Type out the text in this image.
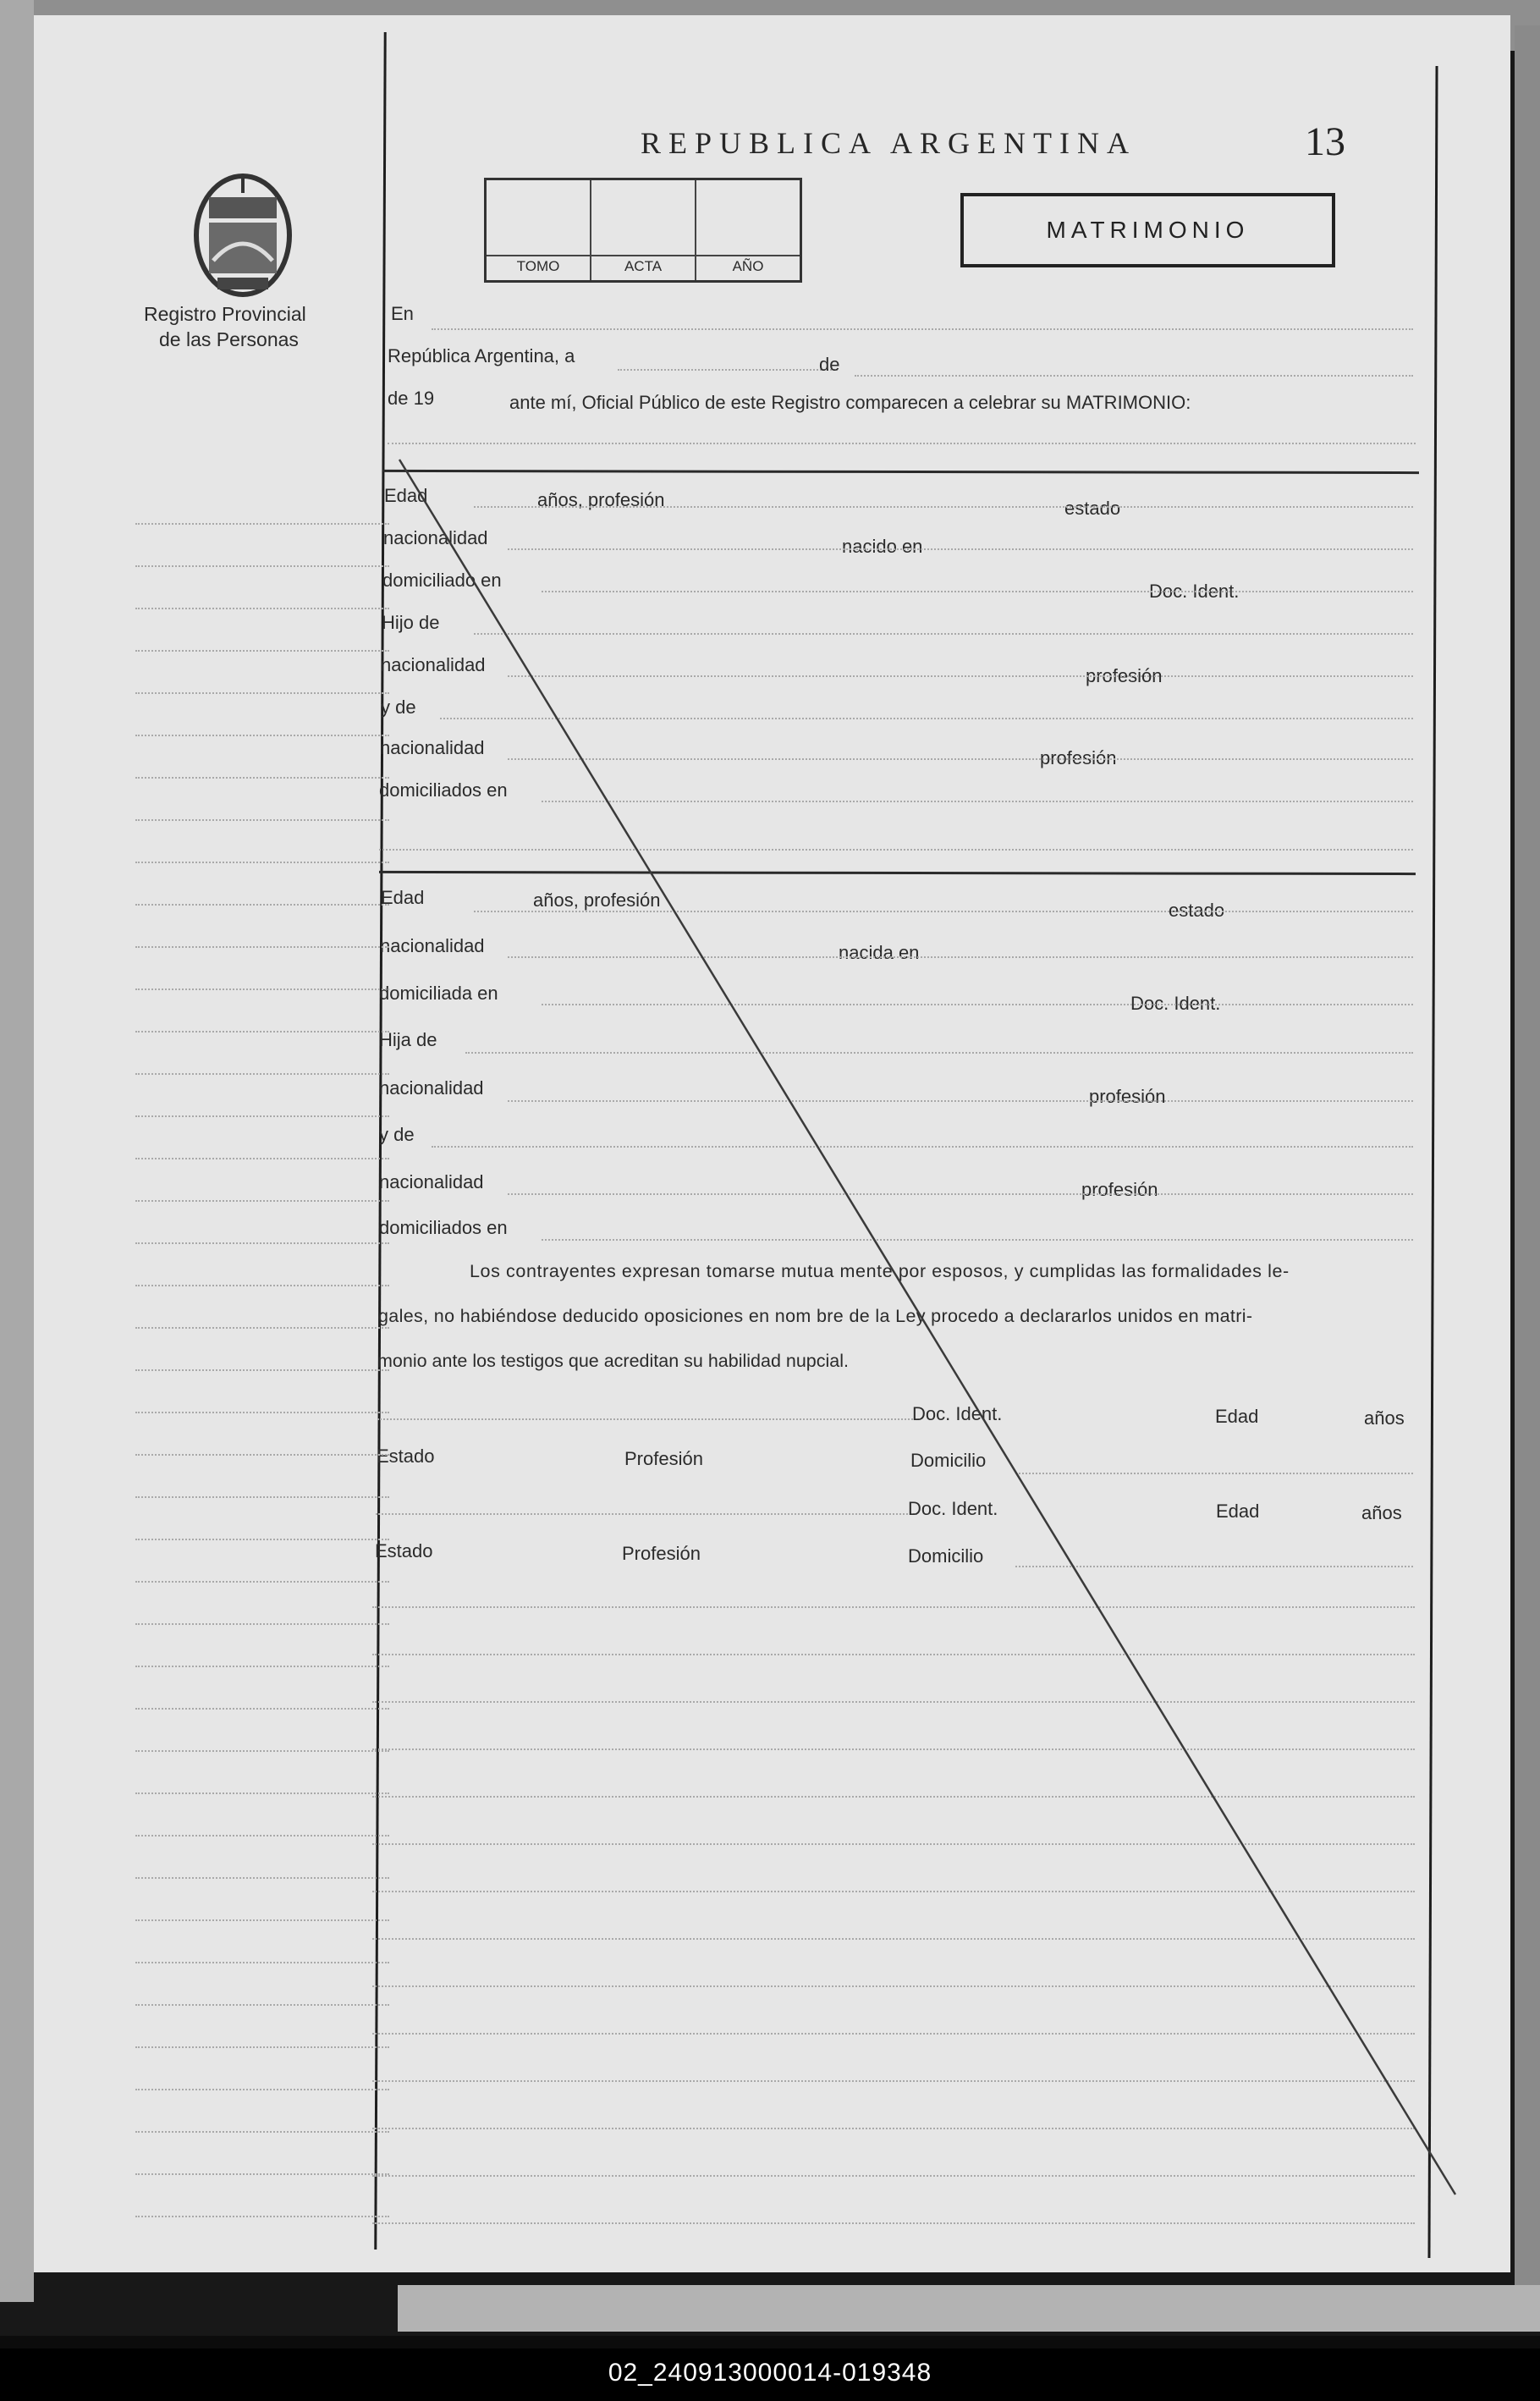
Registro Provincial
de las Personas
REPUBLICA ARGENTINA	13
TOMO	ACTA	AÑO
MATRIMONIO
En
República Argentina, a	de
de 19	ante mí, Oficial Público de este Registro comparecen a celebrar su MATRIMONIO:
Edad	años, profesión	estado
nacionalidad	nacido en
domiciliado en
Doc. Ident.
Hijo de
nacionalidad
profesión
y de
nacionalidad	profesión
domiciliados en
Edad	años, profesión	estado
nacionalidad	nacida en
domiciliada en	Doc. Ident.
Hija de
nacionalidad	profesión
y de
nacionalidad	profesión
domiciliados en
Los contrayentes expresan tomarse mutua mente por esposos, y cumplidas las formalidades le-
gales, no habiéndose deducido oposiciones en nom bre de la Ley procedo a declararlos unidos en matri-
monio ante los testigos que acreditan su habilidad nupcial.
Doc. Ident.	Edad	años
Estado	Profesión	Domicilio
Doc. Ident.	Edad	años
Estado	Profesión	Domicilio
02_240913000014-019348
